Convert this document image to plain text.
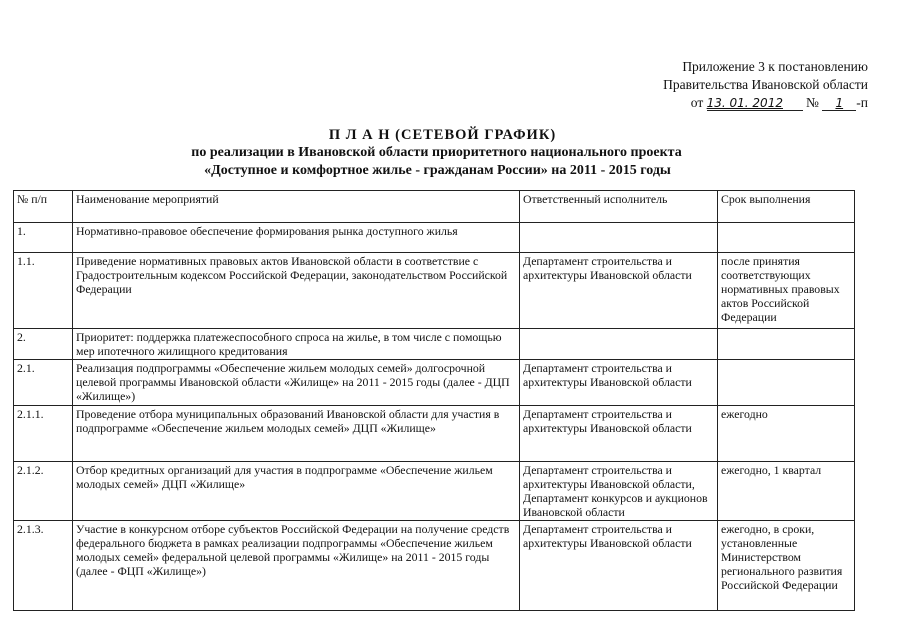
Приложение 3 к постановлению
Правительства Ивановской области
от 13. 01. 2012 № 1 -п
П Л А Н (СЕТЕВОЙ ГРАФИК)
по реализации в Ивановской области приоритетного национального проекта
«Доступное и комфортное жилье - гражданам России» на 2011 - 2015 годы
№ п/п	Наименование мероприятий	Ответственный исполнитель	Срок выполнения
1.	Нормативно-правовое обеспечение формирования рынка доступного жилья		
1.1.	Приведение нормативных правовых актов Ивановской области в соответствие с Градостроительным кодексом Российской Федерации, законодательством Российской Федерации	Департамент строительства и архитектуры Ивановской области	после принятия соответствующих нормативных правовых актов Российской Федерации
2.	Приоритет: поддержка платежеспособного спроса на жилье, в том числе с помощью мер ипотечного жилищного кредитования		
2.1.	Реализация подпрограммы «Обеспечение жильем молодых семей» долгосрочной целевой программы Ивановской области «Жилище» на 2011 - 2015 годы (далее - ДЦП «Жилище»)	Департамент строительства и архитектуры Ивановской области	
2.1.1.	Проведение отбора муниципальных образований Ивановской области для участия в подпрограмме «Обеспечение жильем молодых семей» ДЦП «Жилище»	Департамент строительства и архитектуры Ивановской области	ежегодно
2.1.2.	Отбор кредитных организаций для участия в подпрограмме «Обеспечение жильем молодых семей» ДЦП «Жилище»	Департамент строительства и архитектуры Ивановской области, Департамент конкурсов и аукционов Ивановской области	ежегодно, 1 квартал
2.1.3.	Участие в конкурсном отборе субъектов Российской Федерации на получение средств федерального бюджета в рамках реализации подпрограммы «Обеспечение жильем молодых семей» федеральной целевой программы «Жилище» на 2011 - 2015 годы (далее - ФЦП «Жилище»)	Департамент строительства и архитектуры Ивановской области	ежегодно, в сроки, установленные Министерством регионального развития Российской Федерации
